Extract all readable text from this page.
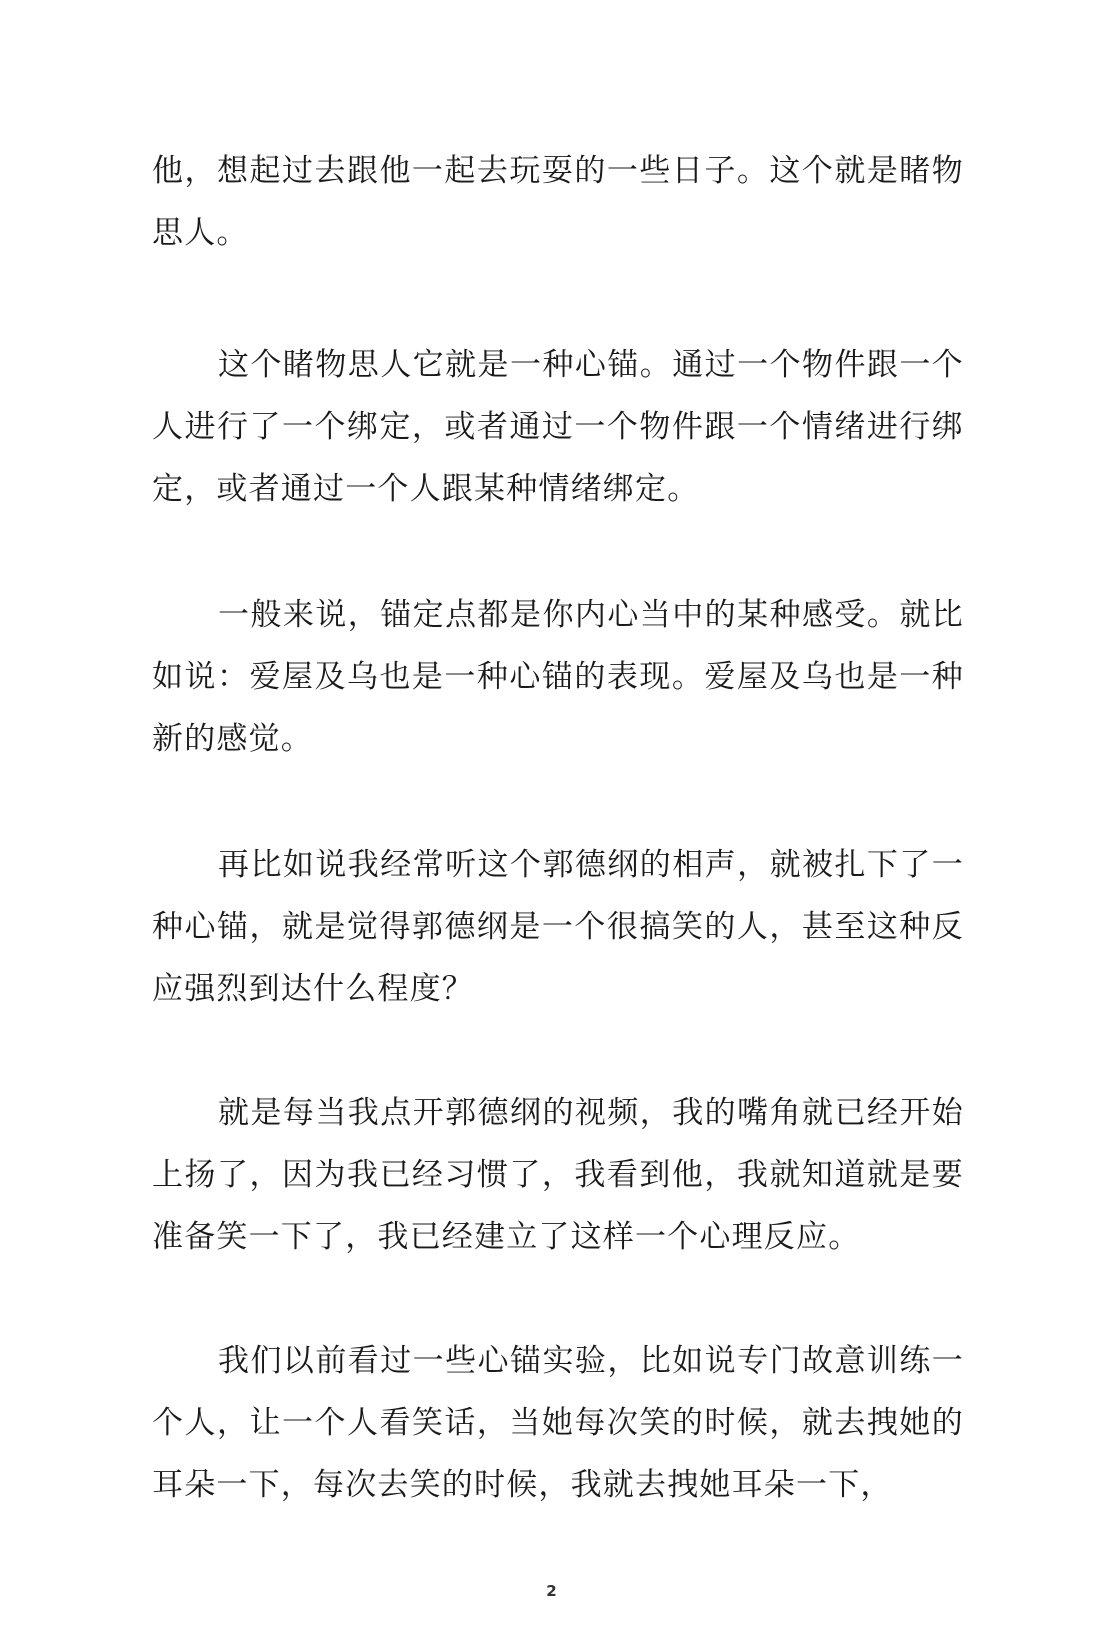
他，想起过去跟他一起去玩耍的一些日子。这个就是睹物思人。

这个睹物思人它就是一种心锚。通过一个物件跟一个人进行了一个绑定，或者通过一个物件跟一个情绪进行绑定，或者通过一个人跟某种情绪绑定。

一般来说，锚定点都是你内心当中的某种感受。就比如说：爱屋及乌也是一种心锚的表现。爱屋及乌也是一种新的感觉。

再比如说我经常听这个郭德纲的相声，就被扎下了一种心锚，就是觉得郭德纲是一个很搞笑的人，甚至这种反应强烈到达什么程度？

就是每当我点开郭德纲的视频，我的嘴角就已经开始上扬了，因为我已经习惯了，我看到他，我就知道就是要准备笑一下了，我已经建立了这样一个心理反应。

我们以前看过一些心锚实验，比如说专门故意训练一个人，让一个人看笑话，当她每次笑的时候，就去拽她的耳朵一下，每次去笑的时候，我就去拽她耳朵一下，

2
